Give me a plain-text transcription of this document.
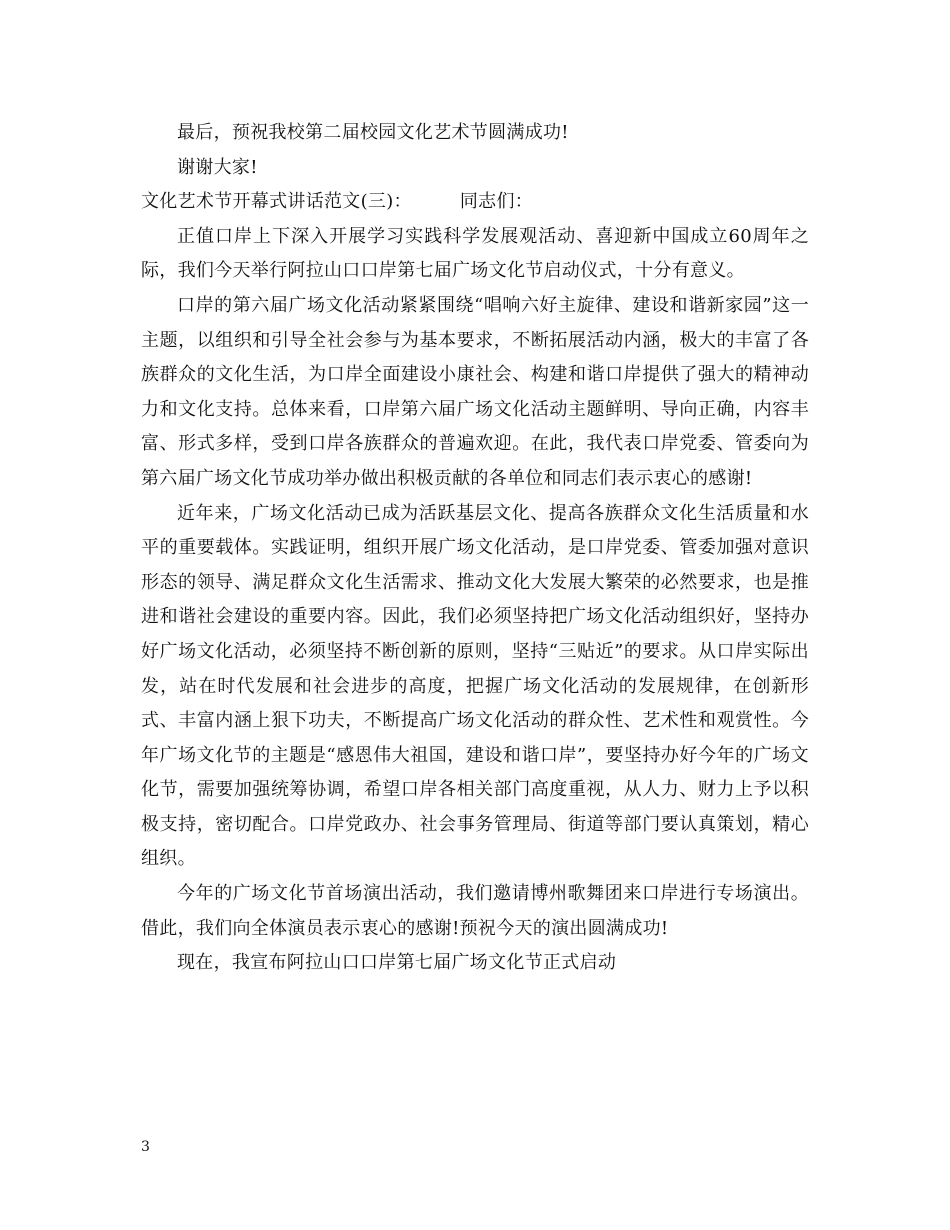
最后，预祝我校第二届校园文化艺术节圆满成功!

谢谢大家!

文化艺术节开幕式讲话范文(三)：	同志们：

正值口岸上下深入开展学习实践科学发展观活动、喜迎新中国成立60周年之际，我们今天举行阿拉山口口岸第七届广场文化节启动仪式，十分有意义。

口岸的第六届广场文化活动紧紧围绕“唱响六好主旋律、建设和谐新家园”这一主题，以组织和引导全社会参与为基本要求，不断拓展活动内涵，极大的丰富了各族群众的文化生活，为口岸全面建设小康社会、构建和谐口岸提供了强大的精神动力和文化支持。总体来看，口岸第六届广场文化活动主题鲜明、导向正确，内容丰富、形式多样，受到口岸各族群众的普遍欢迎。在此，我代表口岸党委、管委向为第六届广场文化节成功举办做出积极贡献的各单位和同志们表示衷心的感谢!

近年来，广场文化活动已成为活跃基层文化、提高各族群众文化生活质量和水平的重要载体。实践证明，组织开展广场文化活动，是口岸党委、管委加强对意识形态的领导、满足群众文化生活需求、推动文化大发展大繁荣的必然要求，也是推进和谐社会建设的重要内容。因此，我们必须坚持把广场文化活动组织好，坚持办好广场文化活动，必须坚持不断创新的原则，坚持“三贴近”的要求。从口岸实际出发，站在时代发展和社会进步的高度，把握广场文化活动的发展规律，在创新形式、丰富内涵上狠下功夫，不断提高广场文化活动的群众性、艺术性和观赏性。今年广场文化节的主题是“感恩伟大祖国，建设和谐口岸”，要坚持办好今年的广场文化节，需要加强统筹协调，希望口岸各相关部门高度重视，从人力、财力上予以积极支持，密切配合。口岸党政办、社会事务管理局、街道等部门要认真策划，精心组织。

今年的广场文化节首场演出活动，我们邀请博州歌舞团来口岸进行专场演出。借此，我们向全体演员表示衷心的感谢!预祝今天的演出圆满成功!

现在，我宣布阿拉山口口岸第七届广场文化节正式启动

3
